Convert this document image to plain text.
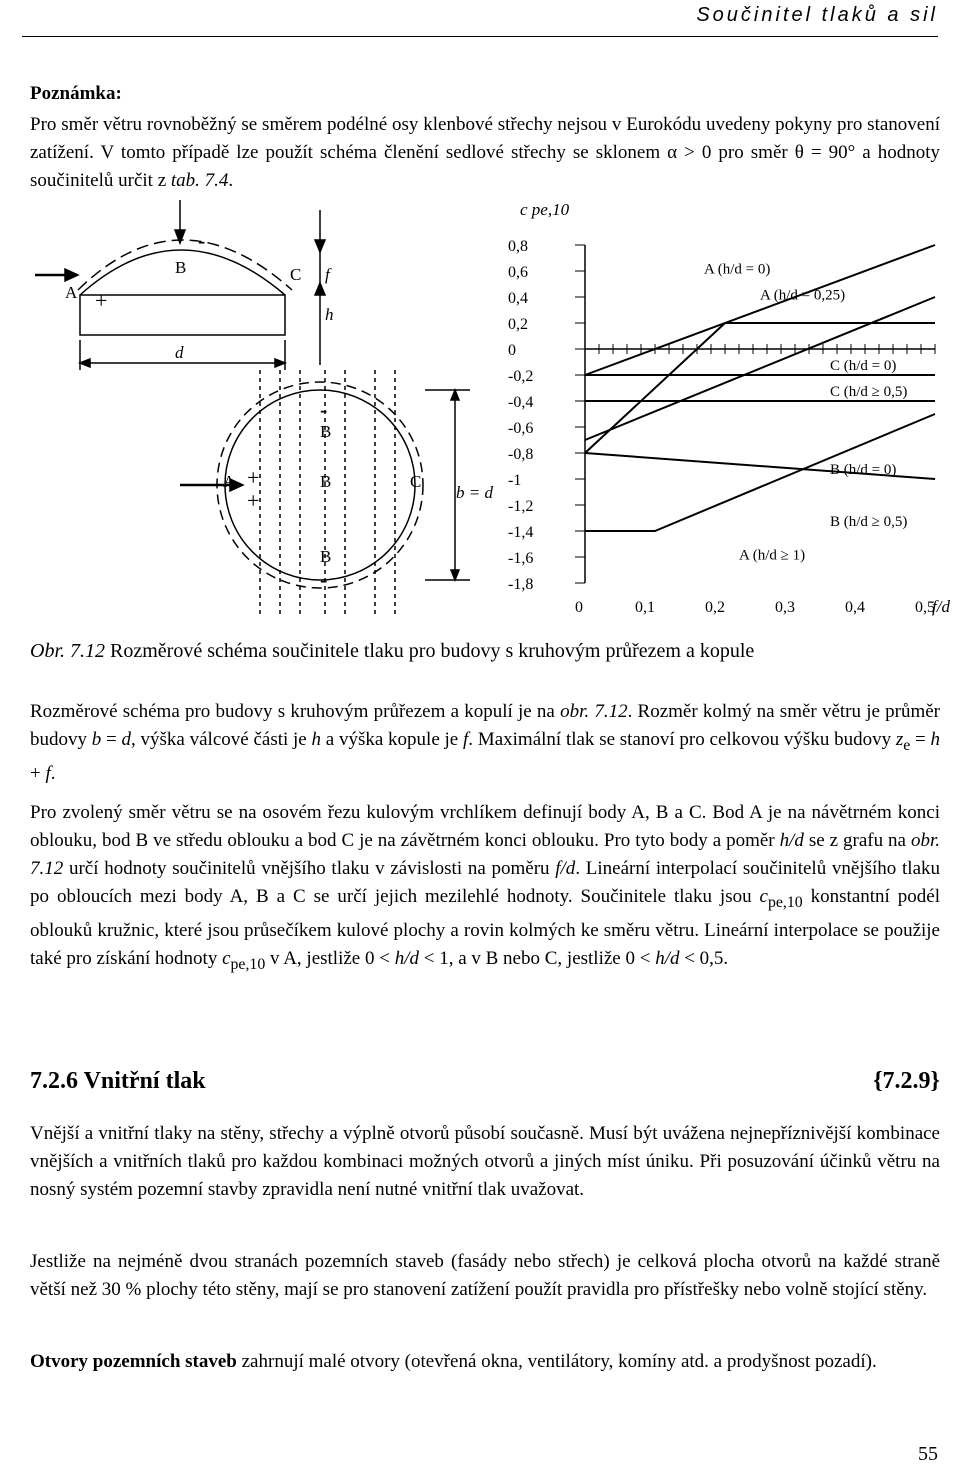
Součinitel tlaků a sil
Poznámka:
Pro směr větru rovnoběžný se směrem podélné osy klenbové střechy nejsou v Eurokódu uvedeny pokyny pro stanovení zatížení. V tomto případě lze použít schéma členění sedlové střechy se sklonem α > 0 pro směr θ = 90° a hodnoty součinitelů určit z tab. 7.4.
A +
B
-
C f
h
d
A +
+
-
B
B
B
-
C
b = d
c pe,10
0,8
0,6
0,4
0,2
0
-0,2
-0,4
-0,6
-0,8
-1
-1,2
-1,4
-1,6
-1,8
0	0,1	0,2	0,3	0,4	0,5
A (h/d = 0)
A (h/d = 0,25)
A (h/d ≥ 1)
C (h/d = 0)
C (h/d ≥ 0,5)
B (h/d = 0)
B (h/d ≥ 0,5)
f/d
Obr. 7.12 Rozměrové schéma součinitele tlaku pro budovy s kruhovým průřezem a kopule
Rozměrové schéma pro budovy s kruhovým průřezem a kopulí je na obr. 7.12. Rozměr kolmý na směr větru je průměr budovy b = d, výška válcové části je h a výška kopule je f. Maximální tlak se stanoví pro celkovou výšku budovy $z_e = h + f$.
Pro zvolený směr větru se na osovém řezu kulovým vrchlíkem definují body A, B a C. Bod A je na návětrném konci oblouku, bod B ve středu oblouku a bod C je na závětrném konci oblouku. Pro tyto body a poměr h/d se z grafu na obr. 7.12 určí hodnoty součinitelů vnějšího tlaku v závislosti na poměru f/d. Lineární interpolací součinitelů vnějšího tlaku po obloucích mezi body A, B a C se určí jejich mezilehlé hodnoty. Součinitele tlaku jsou $c_{pe,10}$ konstantní podél oblouků kružnic, které jsou průsečíkem kulové plochy a rovin kolmých ke směru větru. Lineární interpolace se použije také pro získání hodnoty $c_{pe,10}$ v A, jestliže 0 < h/d < 1, a v B nebo C, jestliže 0 < h/d < 0,5.
7.2.6 Vnitřní tlak	{7.2.9}
Vnější a vnitřní tlaky na stěny, střechy a výplně otvorů působí současně. Musí být uvážena nejnepříznivější kombinace vnějších a vnitřních tlaků pro každou kombinaci možných otvorů a jiných míst úniku. Při posuzování účinků větru na nosný systém pozemní stavby zpravidla není nutné vnitřní tlak uvažovat.
Jestliže na nejméně dvou stranách pozemních staveb (fasády nebo střech) je celková plocha otvorů na každé straně větší než 30 % plochy této stěny, mají se pro stanovení zatížení použít pravidla pro přístřešky nebo volně stojící stěny.
Otvory pozemních staveb zahrnují malé otvory (otevřená okna, ventilátory, komíny atd. a prodyšnost pozadí).
55
